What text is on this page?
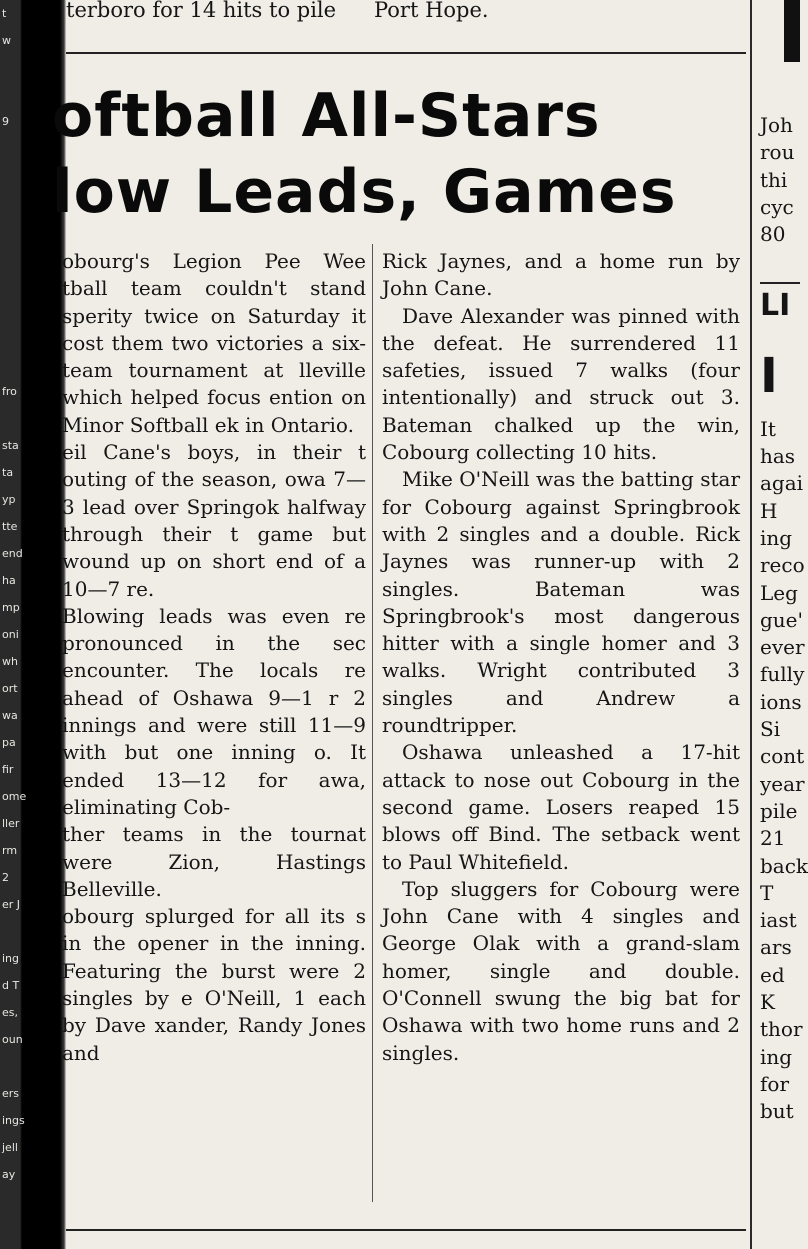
t
w

9

fro

sta
ta
yp
tte
end
ha
mp
oni
wh
ort
wa
pa
fir
ome
ller
rm
2
er J

ing
d T
es,
oun

ers
ings
jell
ay
terboro for 14 hits to pile Port Hope.
oftball All-Stars
low Leads, Games

obourg's Legion Pee Wee tball team couldn't stand sperity twice on Saturday it cost them two victories a six-team tournament at lleville which helped focus ention on Minor Softball ek in Ontario.

eil Cane's boys, in their t outing of the season, owa 7—3 lead over Springok halfway through their t game but wound up on short end of a 10—7 re.

Blowing leads was even re pronounced in the sec encounter. The locals re ahead of Oshawa 9—1 r 2 innings and were still 11—9 with but one inning o. It ended 13—12 for awa, eliminating Cob-

ther teams in the tournat were Zion, Hastings Belleville.

obourg splurged for all its s in the opener in the inning. Featuring the burst were 2 singles by e O'Neill, 1 each by Dave xander, Randy Jones and

Rick Jaynes, and a home run by John Cane.

Dave Alexander was pinned with the defeat. He surrendered 11 safeties, issued 7 walks (four intentionally) and struck out 3. Bateman chalked up the win, Cobourg collecting 10 hits.

Mike O'Neill was the batting star for Cobourg against Springbrook with 2 singles and a double. Rick Jaynes was runner-up with 2 singles. Bateman was Springbrook's most dangerous hitter with a single homer and 3 walks. Wright contributed 3 singles and Andrew a roundtripper.

Oshawa unleashed a 17-hit attack to nose out Cobourg in the second game. Losers reaped 15 blows off Bind. The setback went to Paul Whitefield.

Top sluggers for Cobourg were John Cane with 4 singles and George Olak with a grand-slam homer, single and double. O'Connell swung the big bat for Oshawa with two home runs and 2 singles.

Joh
rou
thi
cyc
80
LI
I
It
has
agai
H
ing
reco
Leg
gue'
ever
fully
ions
Si
cont
year
pile
21
back
T
iast
ars
ed
K
thor
ing
for
but
